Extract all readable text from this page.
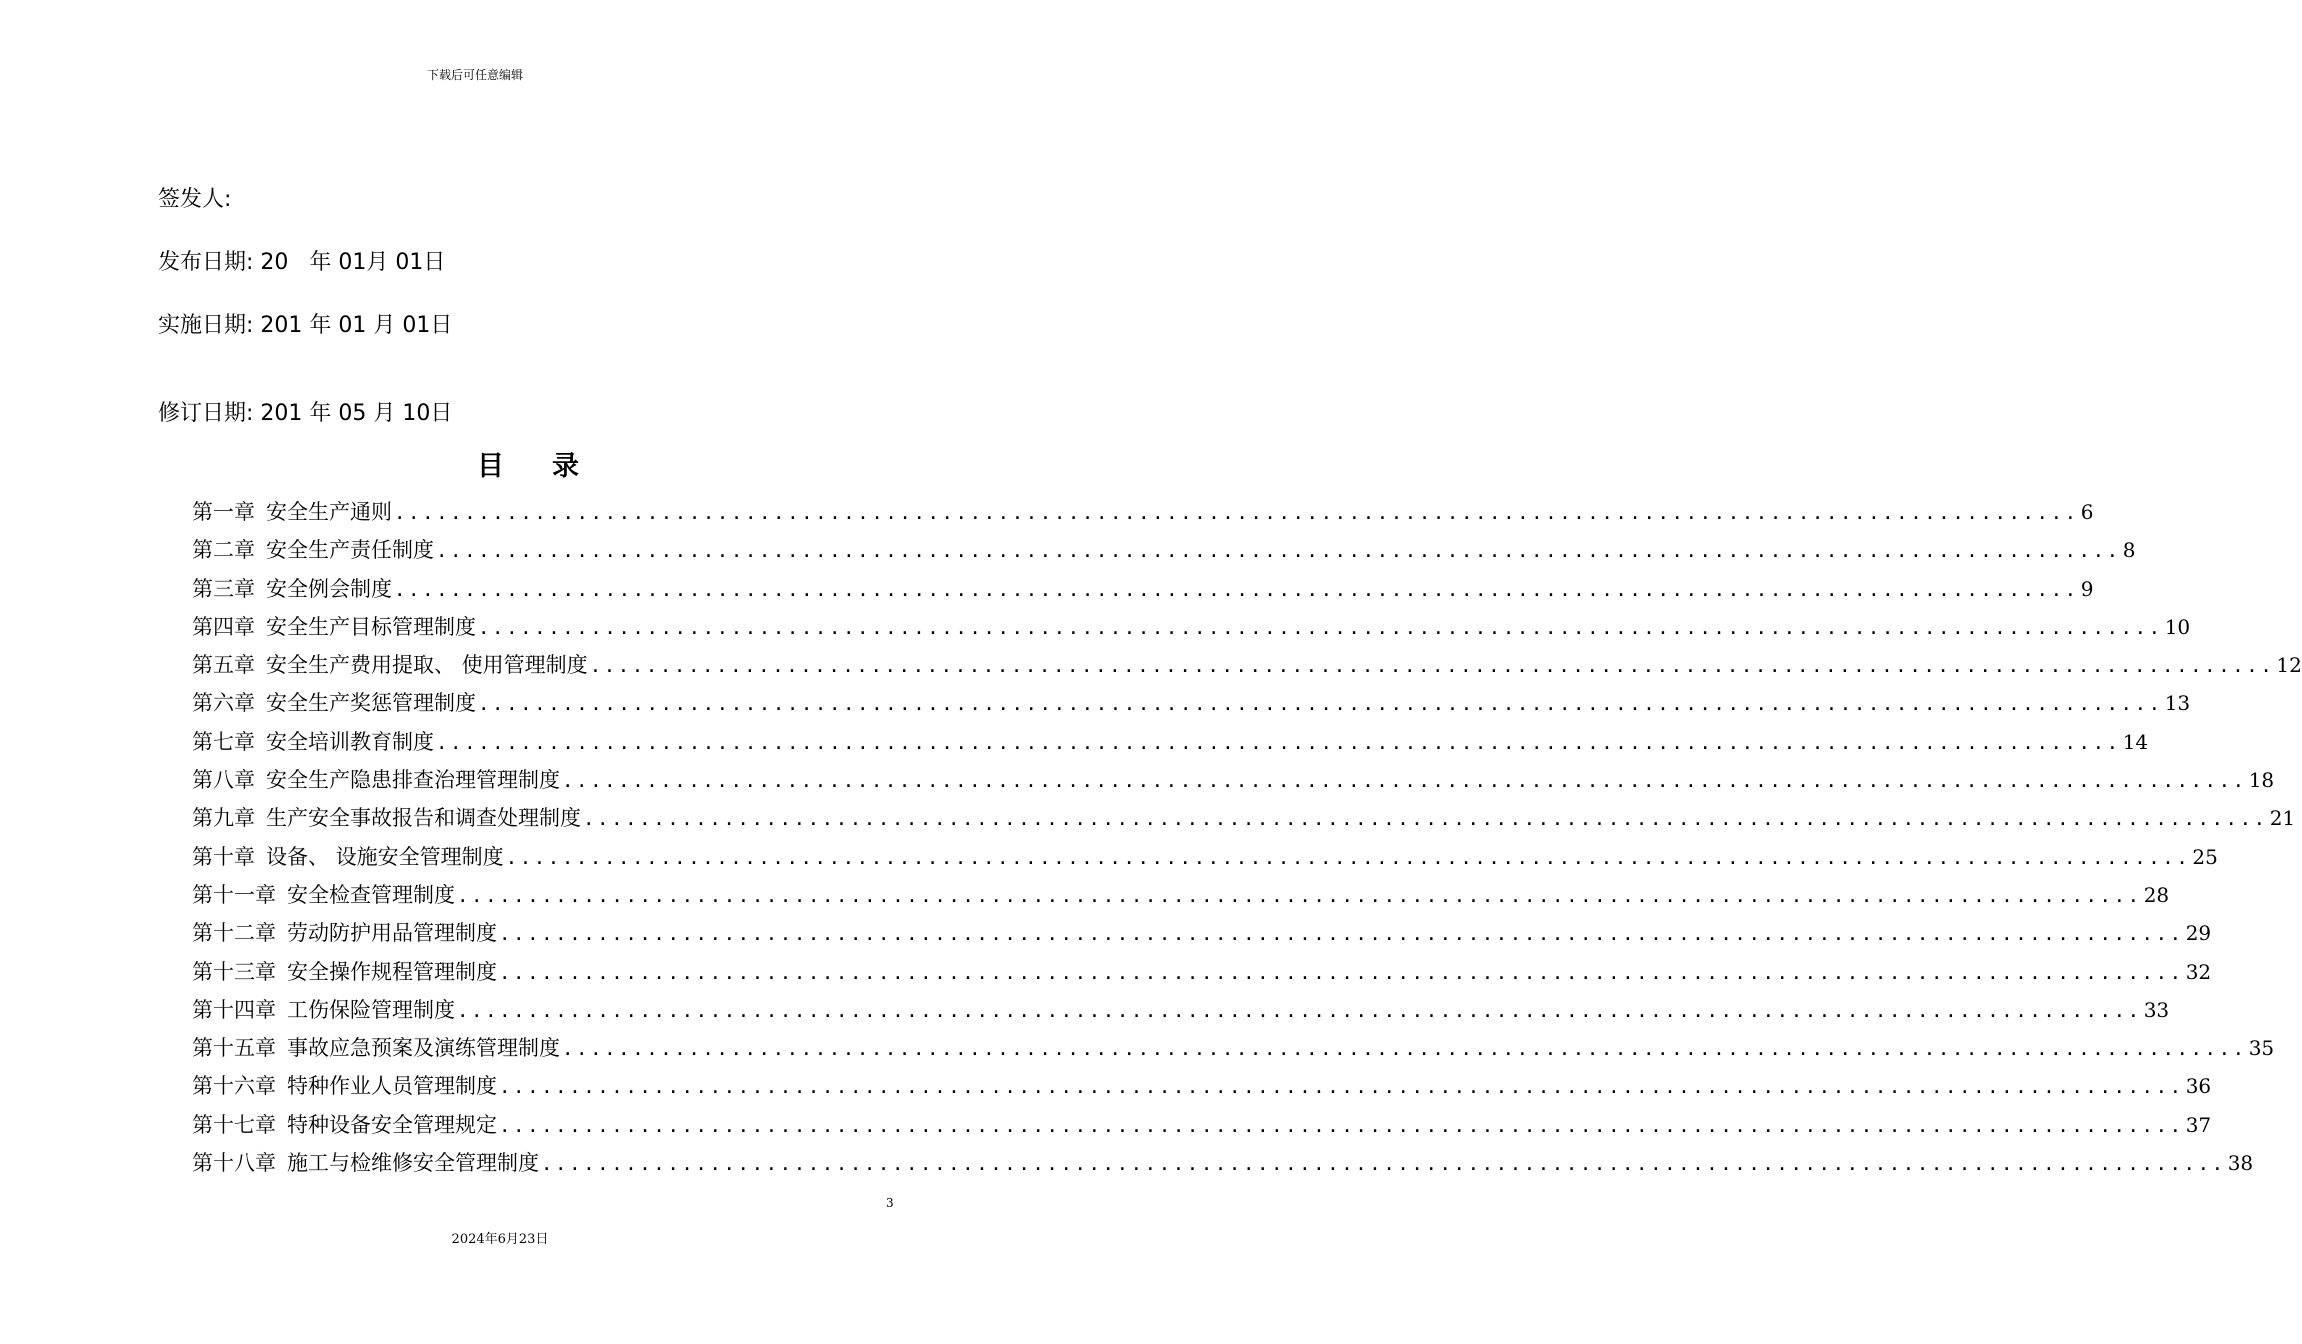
下载后可任意编辑
签发人:
发布日期: 20   年 01月 01日
实施日期: 201 年 01 月 01日
修订日期: 201 年 05 月 10日
目 录
第一章 安全生产通则 ........................................................................................................................ 6
第二章 安全生产责任制度 ........................................................................................................................ 8
第三章 安全例会制度 ........................................................................................................................ 9
第四章 安全生产目标管理制度 ........................................................................................................................ 10
第五章 安全生产费用提取、 使用管理制度 ........................................................................................................................ 12
第六章 安全生产奖惩管理制度 ........................................................................................................................ 13
第七章 安全培训教育制度 ........................................................................................................................ 14
第八章 安全生产隐患排查治理管理制度 ........................................................................................................................ 18
第九章 生产安全事故报告和调查处理制度 ........................................................................................................................ 21
第十章 设备、 设施安全管理制度 ........................................................................................................................ 25
第十一章 安全检查管理制度 ........................................................................................................................ 28
第十二章 劳动防护用品管理制度 ........................................................................................................................ 29
第十三章 安全操作规程管理制度 ........................................................................................................................ 32
第十四章 工伤保险管理制度 ........................................................................................................................ 33
第十五章 事故应急预案及演练管理制度 ........................................................................................................................ 35
第十六章 特种作业人员管理制度 ........................................................................................................................ 36
第十七章 特种设备安全管理规定 ........................................................................................................................ 37
第十八章 施工与检维修安全管理制度 ........................................................................................................................ 38
3
2024年6月23日
